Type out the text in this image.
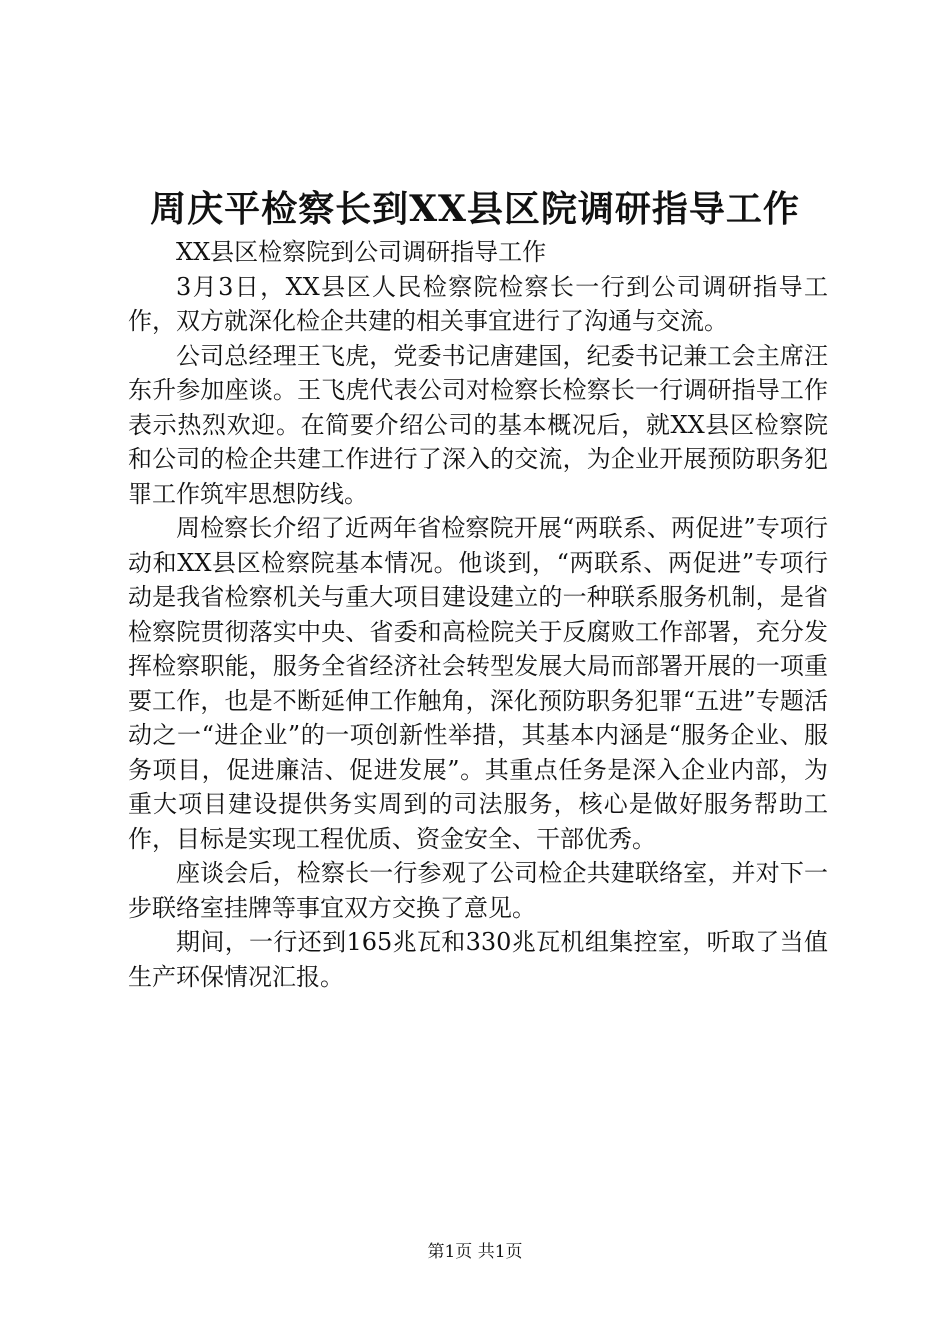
周庆平检察长到XX县区院调研指导工作

XX县区检察院到公司调研指导工作

3月3日，XX县区人民检察院检察长一行到公司调研指导工作，双方就深化检企共建的相关事宜进行了沟通与交流。

公司总经理王飞虎，党委书记唐建国，纪委书记兼工会主席汪东升参加座谈。王飞虎代表公司对检察长检察长一行调研指导工作表示热烈欢迎。在简要介绍公司的基本概况后，就XX县区检察院和公司的检企共建工作进行了深入的交流，为企业开展预防职务犯罪工作筑牢思想防线。

周检察长介绍了近两年省检察院开展“两联系、两促进”专项行动和XX县区检察院基本情况。他谈到，“两联系、两促进”专项行动是我省检察机关与重大项目建设建立的一种联系服务机制，是省检察院贯彻落实中央、省委和高检院关于反腐败工作部署，充分发挥检察职能，服务全省经济社会转型发展大局而部署开展的一项重要工作，也是不断延伸工作触角，深化预防职务犯罪“五进”专题活动之一“进企业”的一项创新性举措，其基本内涵是“服务企业、服务项目，促进廉洁、促进发展”。其重点任务是深入企业内部，为重大项目建设提供务实周到的司法服务，核心是做好服务帮助工作，目标是实现工程优质、资金安全、干部优秀。

座谈会后，检察长一行参观了公司检企共建联络室，并对下一步联络室挂牌等事宜双方交换了意见。

期间，一行还到165兆瓦和330兆瓦机组集控室，听取了当值生产环保情况汇报。

第1页 共1页
